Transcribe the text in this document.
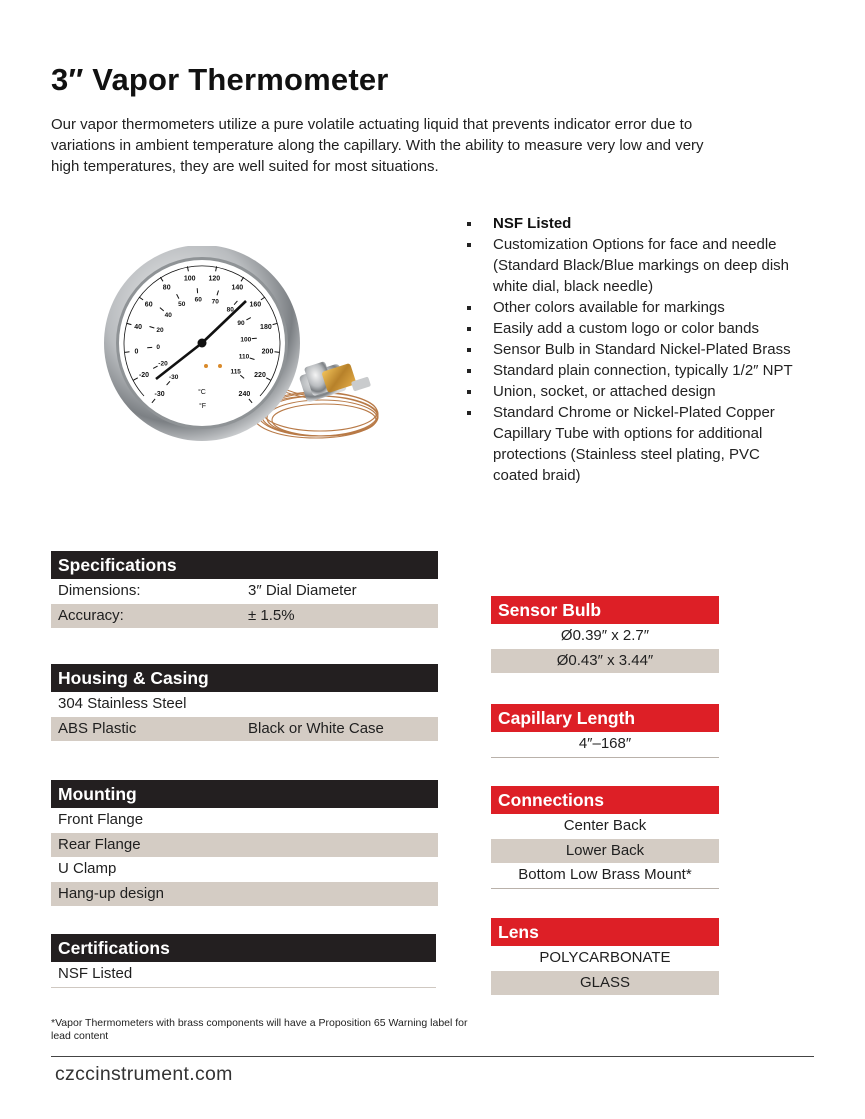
3″ Vapor Thermometer
Our vapor thermometers utilize a pure volatile actuating liquid that prevents indicator error due to variations in ambient temperature along the capillary. With the ability to measure very low and very high temperatures, they are well suited for most situations.
-30
-20
0
40
60
80
100 120
140
160
180
200
220
240
-30
-20
0
20
40
50
60 70
80
90
100
110
115
°C
°F
NSF Listed
Customization Options for face and needle (Standard Black/Blue markings on deep dish white dial, black needle)
Other colors available for markings
Easily add a custom logo or color bands
Sensor Bulb in Standard Nickel-Plated Brass
Standard plain connection, typically 1/2″ NPT
Union, socket, or attached design
Standard Chrome or Nickel-Plated Copper Capillary Tube with options for additional protections (Stainless steel plating, PVC coated braid)
Specifications
Dimensions:	3″ Dial Diameter
Accuracy:	± 1.5%
Housing & Casing
304 Stainless Steel
ABS Plastic	Black or White Case
Mounting
Front Flange
Rear Flange
U Clamp
Hang-up design
Certifications
NSF Listed
Sensor Bulb
Ø0.39″ x 2.7″
Ø0.43″ x 3.44″
Capillary Length
4″–168″
Connections
Center Back
Lower Back
Bottom Low Brass Mount*
Lens
POLYCARBONATE
GLASS
*Vapor Thermometers with brass components will have a Proposition 65 Warning label for lead content
czccinstrument.com
